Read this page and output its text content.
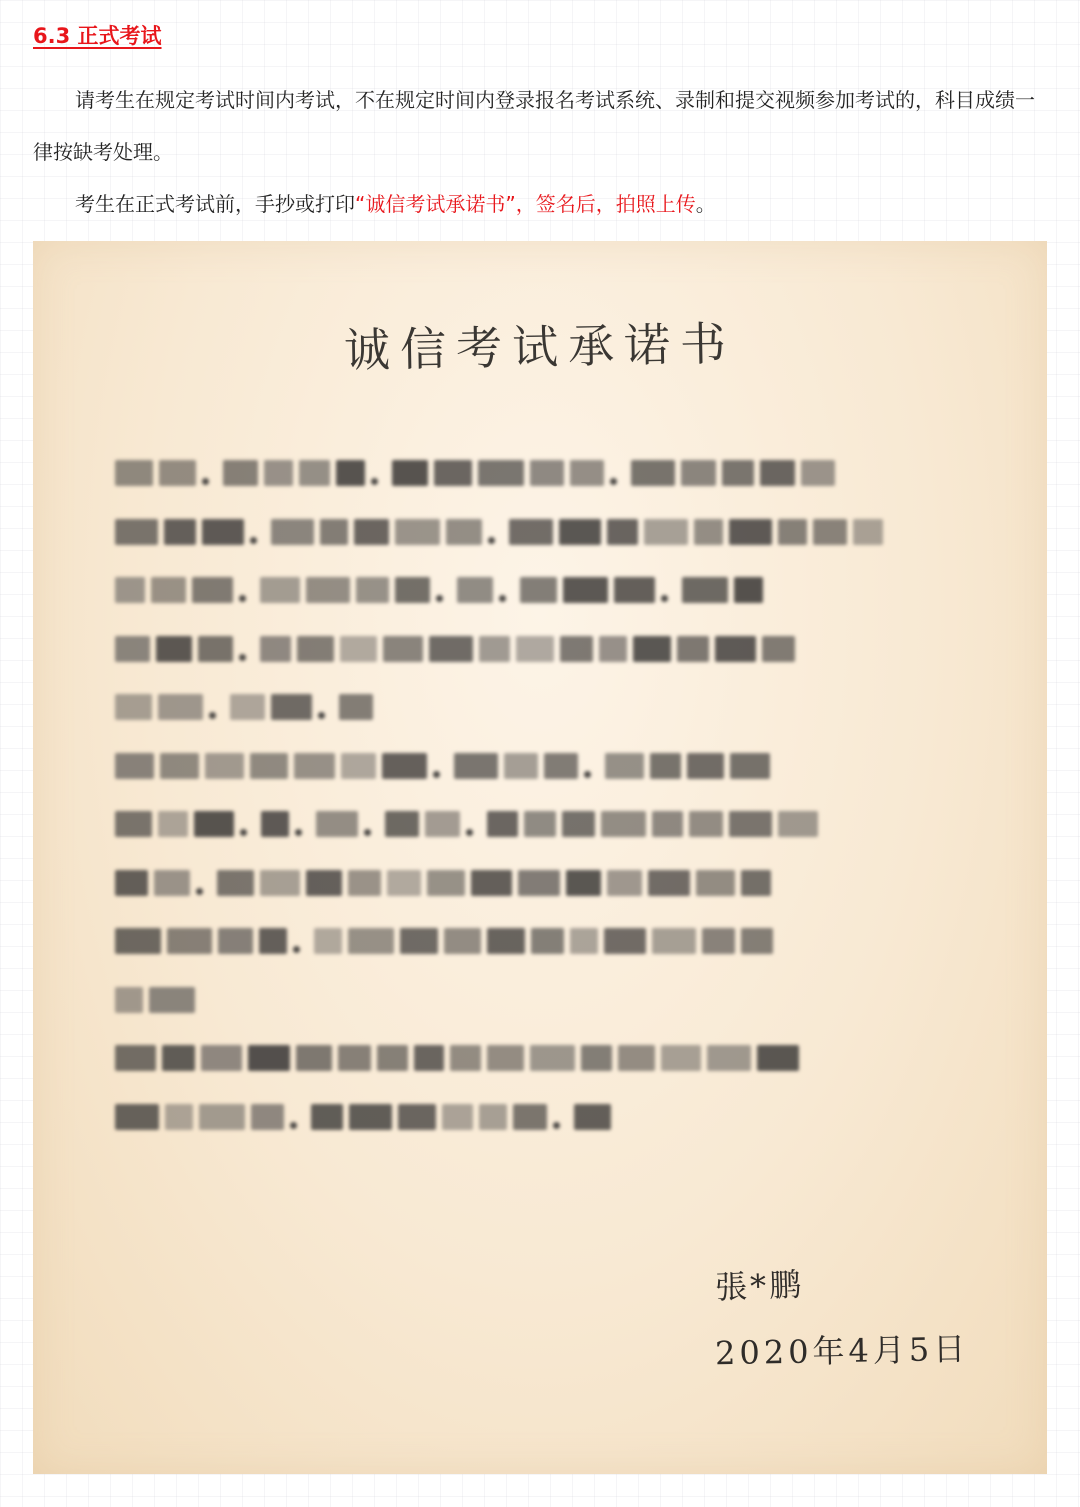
6.3 正式考试

请考生在规定考试时间内考试，不在规定时间内登录报名考试系统、录制和提交视频参加考试的，科目成绩一律按缺考处理。

考生在正式考试前，手抄或打印“诚信考试承诺书”，签名后，拍照上传。

诚信考试承诺书

張*鹏

2020年4月5日
